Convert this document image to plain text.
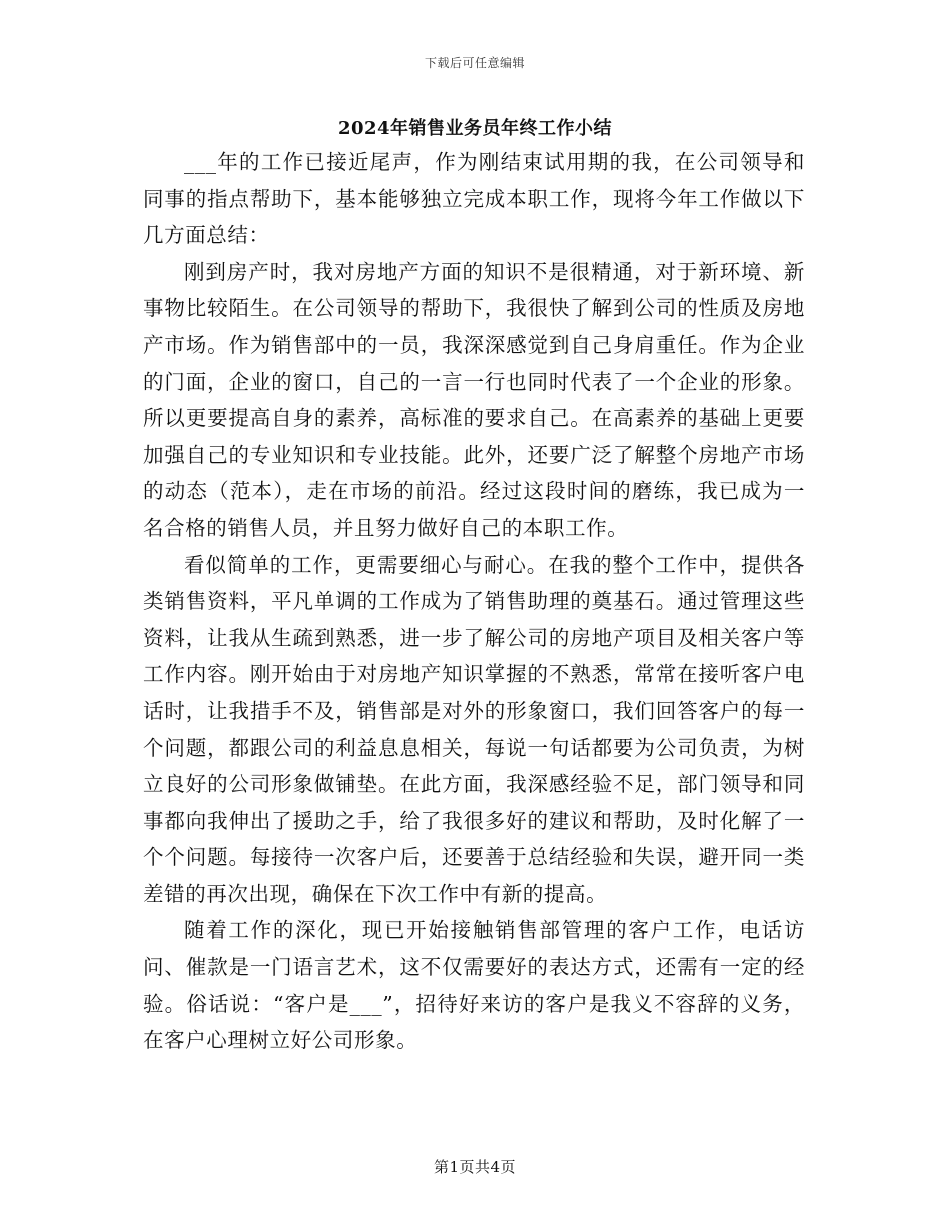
下载后可任意编辑
2024年销售业务员年终工作小结

___年的工作已接近尾声，作为刚结束试用期的我，在公司领导和同事的指点帮助下，基本能够独立完成本职工作，现将今年工作做以下几方面总结：

刚到房产时，我对房地产方面的知识不是很精通，对于新环境、新事物比较陌生。在公司领导的帮助下，我很快了解到公司的性质及房地产市场。作为销售部中的一员，我深深感觉到自己身肩重任。作为企业的门面，企业的窗口，自己的一言一行也同时代表了一个企业的形象。所以更要提高自身的素养，高标准的要求自己。在高素养的基础上更要加强自己的专业知识和专业技能。此外，还要广泛了解整个房地产市场的动态（范本），走在市场的前沿。经过这段时间的磨练，我已成为一名合格的销售人员，并且努力做好自己的本职工作。

看似简单的工作，更需要细心与耐心。在我的整个工作中，提供各类销售资料，平凡单调的工作成为了销售助理的奠基石。通过管理这些资料，让我从生疏到熟悉，进一步了解公司的房地产项目及相关客户等工作内容。刚开始由于对房地产知识掌握的不熟悉，常常在接听客户电话时，让我措手不及，销售部是对外的形象窗口，我们回答客户的每一个问题，都跟公司的利益息息相关，每说一句话都要为公司负责，为树立良好的公司形象做铺垫。在此方面，我深感经验不足，部门领导和同事都向我伸出了援助之手，给了我很多好的建议和帮助，及时化解了一个个问题。每接待一次客户后，还要善于总结经验和失误，避开同一类差错的再次出现，确保在下次工作中有新的提高。

随着工作的深化，现已开始接触销售部管理的客户工作，电话访问、催款是一门语言艺术，这不仅需要好的表达方式，还需有一定的经验。俗话说：“客户是___”，招待好来访的客户是我义不容辞的义务，在客户心理树立好公司形象。

第1页共4页
